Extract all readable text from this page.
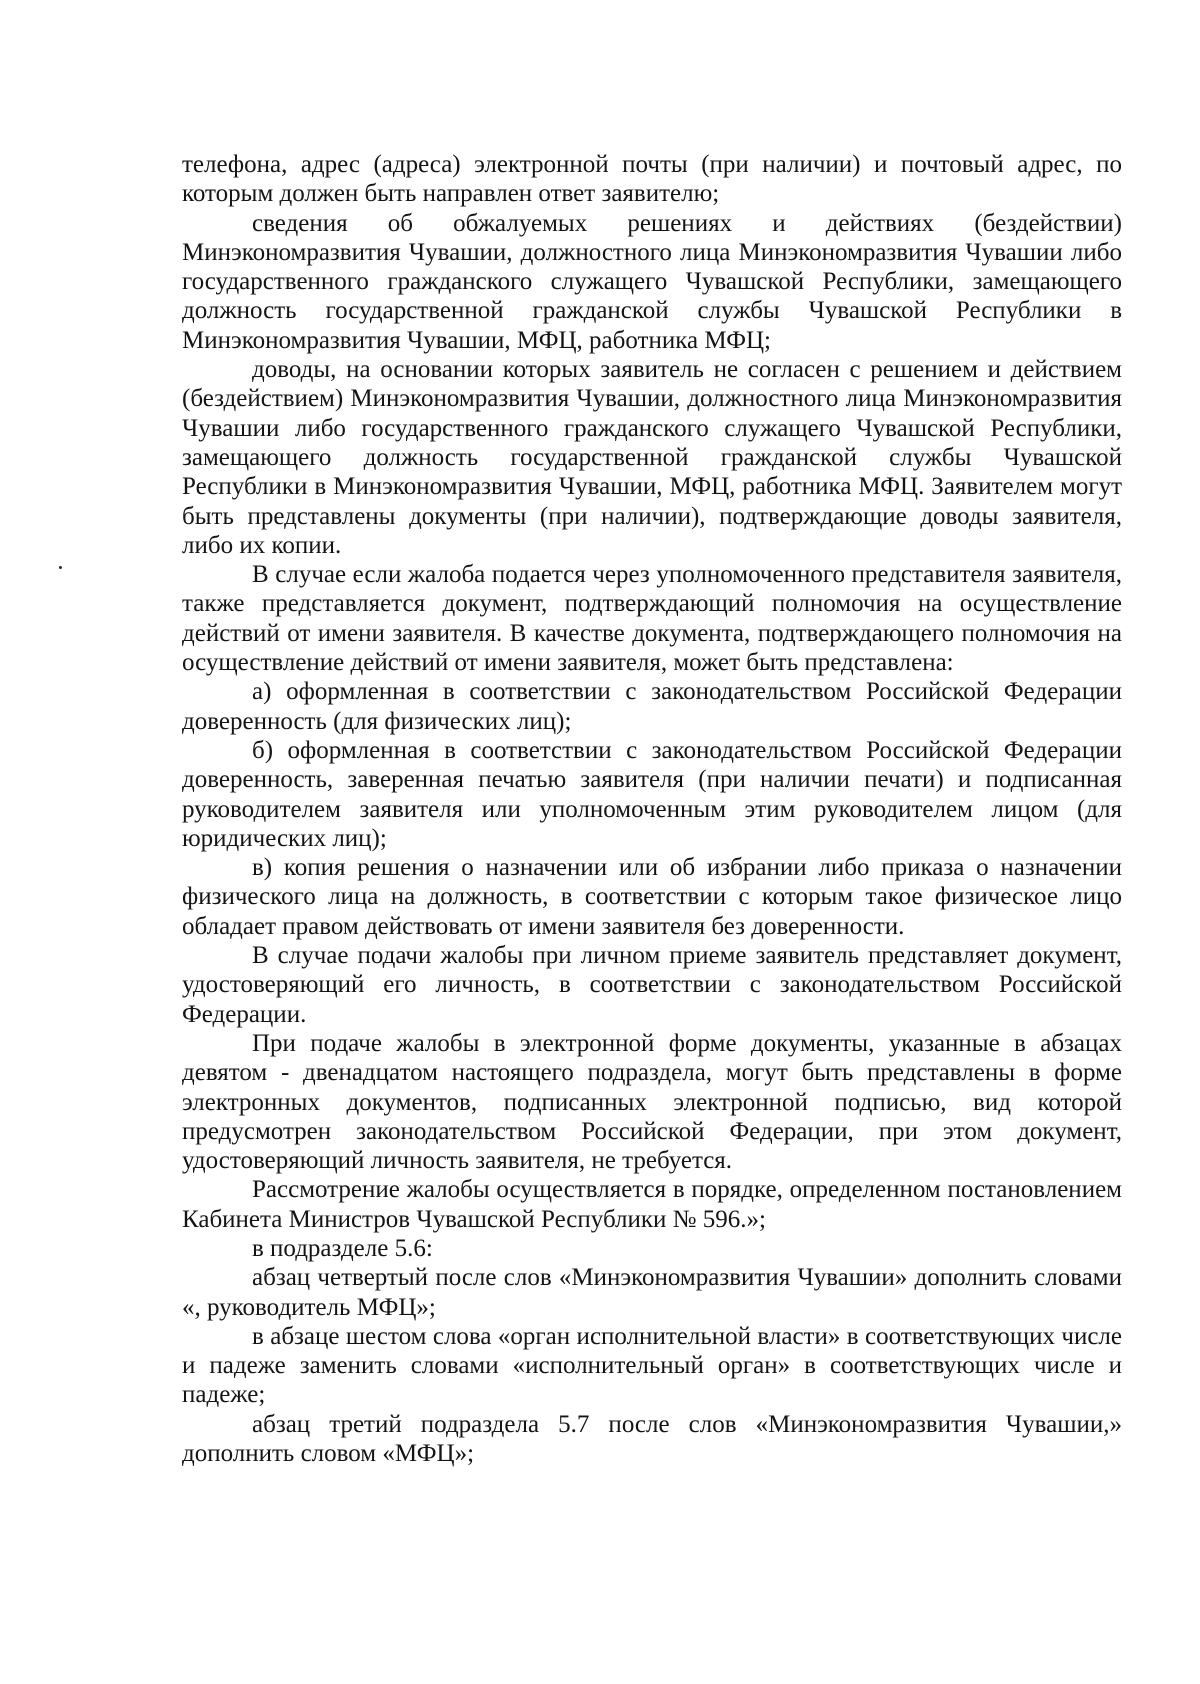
телефона, адрес (адреса) электронной почты (при наличии) и почтовый адрес, по которым должен быть направлен ответ заявителю;

сведения об обжалуемых решениях и действиях (бездействии) Минэкономразвития Чувашии, должностного лица Минэкономразвития Чувашии либо государственного гражданского служащего Чувашской Республики, замещающего должность государственной гражданской службы Чувашской Республики в Минэкономразвития Чувашии, МФЦ, работника МФЦ;

доводы, на основании которых заявитель не согласен с решением и действием (бездействием) Минэкономразвития Чувашии, должностного лица Минэкономразвития Чувашии либо государственного гражданского служащего Чувашской Республики, замещающего должность государственной гражданской службы Чувашской Республики в Минэкономразвития Чувашии, МФЦ, работника МФЦ. Заявителем могут быть представлены документы (при наличии), подтверждающие доводы заявителя, либо их копии.

В случае если жалоба подается через уполномоченного представителя заявителя, также представляется документ, подтверждающий полномочия на осуществление действий от имени заявителя. В качестве документа, подтверждающего полномочия на осуществление действий от имени заявителя, может быть представлена:

а) оформленная в соответствии с законодательством Российской Федерации доверенность (для физических лиц);

б) оформленная в соответствии с законодательством Российской Федерации доверенность, заверенная печатью заявителя (при наличии печати) и подписанная руководителем заявителя или уполномоченным этим руководителем лицом (для юридических лиц);

в) копия решения о назначении или об избрании либо приказа о назначении физического лица на должность, в соответствии с которым такое физическое лицо обладает правом действовать от имени заявителя без доверенности.

В случае подачи жалобы при личном приеме заявитель представляет документ, удостоверяющий его личность, в соответствии с законодательством Российской Федерации.

При подаче жалобы в электронной форме документы, указанные в абзацах девятом - двенадцатом настоящего подраздела, могут быть представлены в форме электронных документов, подписанных электронной подписью, вид которой предусмотрен законодательством Российской Федерации, при этом документ, удостоверяющий личность заявителя, не требуется.

Рассмотрение жалобы осуществляется в порядке, определенном постановлением Кабинета Министров Чувашской Республики № 596.»;

в подразделе 5.6:

абзац четвертый после слов «Минэкономразвития Чувашии» дополнить словами «, руководитель МФЦ»;

в абзаце шестом слова «орган исполнительной власти» в соответствующих числе и падеже заменить словами «исполнительный орган» в соответствующих числе и падеже;

абзац третий подраздела 5.7 после слов «Минэкономразвития Чувашии,» дополнить словом «МФЦ»;
